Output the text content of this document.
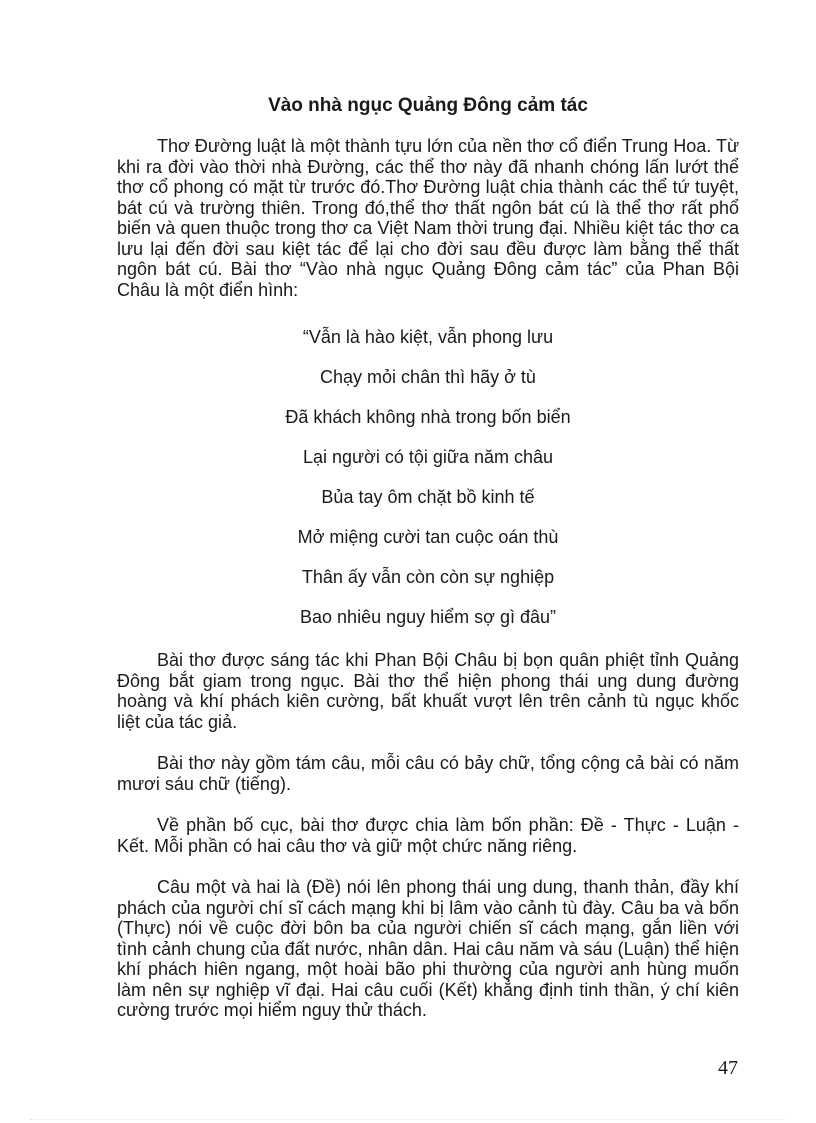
Vào nhà ngục Quảng Đông cảm tác

Thơ Đường luật là một thành tựu lớn của nền thơ cổ điển Trung Hoa. Từ khi ra đời vào thời nhà Đường, các thể thơ này đã nhanh chóng lấn lướt thể thơ cổ phong có mặt từ trước đó.Thơ Đường luật chia thành các thể tứ tuyệt, bát cú và trường thiên. Trong đó,thể thơ thất ngôn bát cú là thể thơ rất phổ biến và quen thuộc trong thơ ca Việt Nam thời trung đại. Nhiều kiệt tác thơ ca lưu lại đến đời sau kiệt tác để lại cho đời sau đều được làm bằng thể thất ngôn bát cú. Bài thơ “Vào nhà ngục Quảng Đông cảm tác” của Phan Bội Châu là một điển hình:

“Vẫn là hào kiệt, vẫn phong lưu
Chạy mỏi chân thì hãy ở tù
Đã khách không nhà trong bốn biển
Lại người có tội giữa năm châu
Bủa tay ôm chặt bồ kinh tế
Mở miệng cười tan cuộc oán thù
Thân ấy vẫn còn còn sự nghiệp
Bao nhiêu nguy hiểm sợ gì đâu”

Bài thơ được sáng tác khi Phan Bội Châu bị bọn quân phiệt tỉnh Quảng Đông bắt giam trong ngục. Bài thơ thể hiện phong thái ung dung đường hoàng và khí phách kiên cường, bất khuất vượt lên trên cảnh tù ngục khốc liệt của tác giả.

Bài thơ này gồm tám câu, mỗi câu có bảy chữ, tổng cộng cả bài có năm mươi sáu chữ (tiếng).

Về phần bố cục, bài thơ được chia làm bốn phần: Đề - Thực - Luận - Kết. Mỗi phần có hai câu thơ và giữ một chức năng riêng.

Câu một và hai là (Đề) nói lên phong thái ung dung, thanh thản, đầy khí phách của người chí sĩ cách mạng khi bị lâm vào cảnh tù đày. Câu ba và bốn (Thực) nói về cuộc đời bôn ba của người chiến sĩ cách mạng, gắn liền với tình cảnh chung của đất nước, nhân dân. Hai câu năm và sáu (Luận) thể hiện khí phách hiên ngang, một hoài bão phi thường của người anh hùng muốn làm nên sự nghiệp vĩ đại. Hai câu cuối (Kết) khẳng định tinh thần, ý chí kiên cường trước mọi hiểm nguy thử thách.

47
